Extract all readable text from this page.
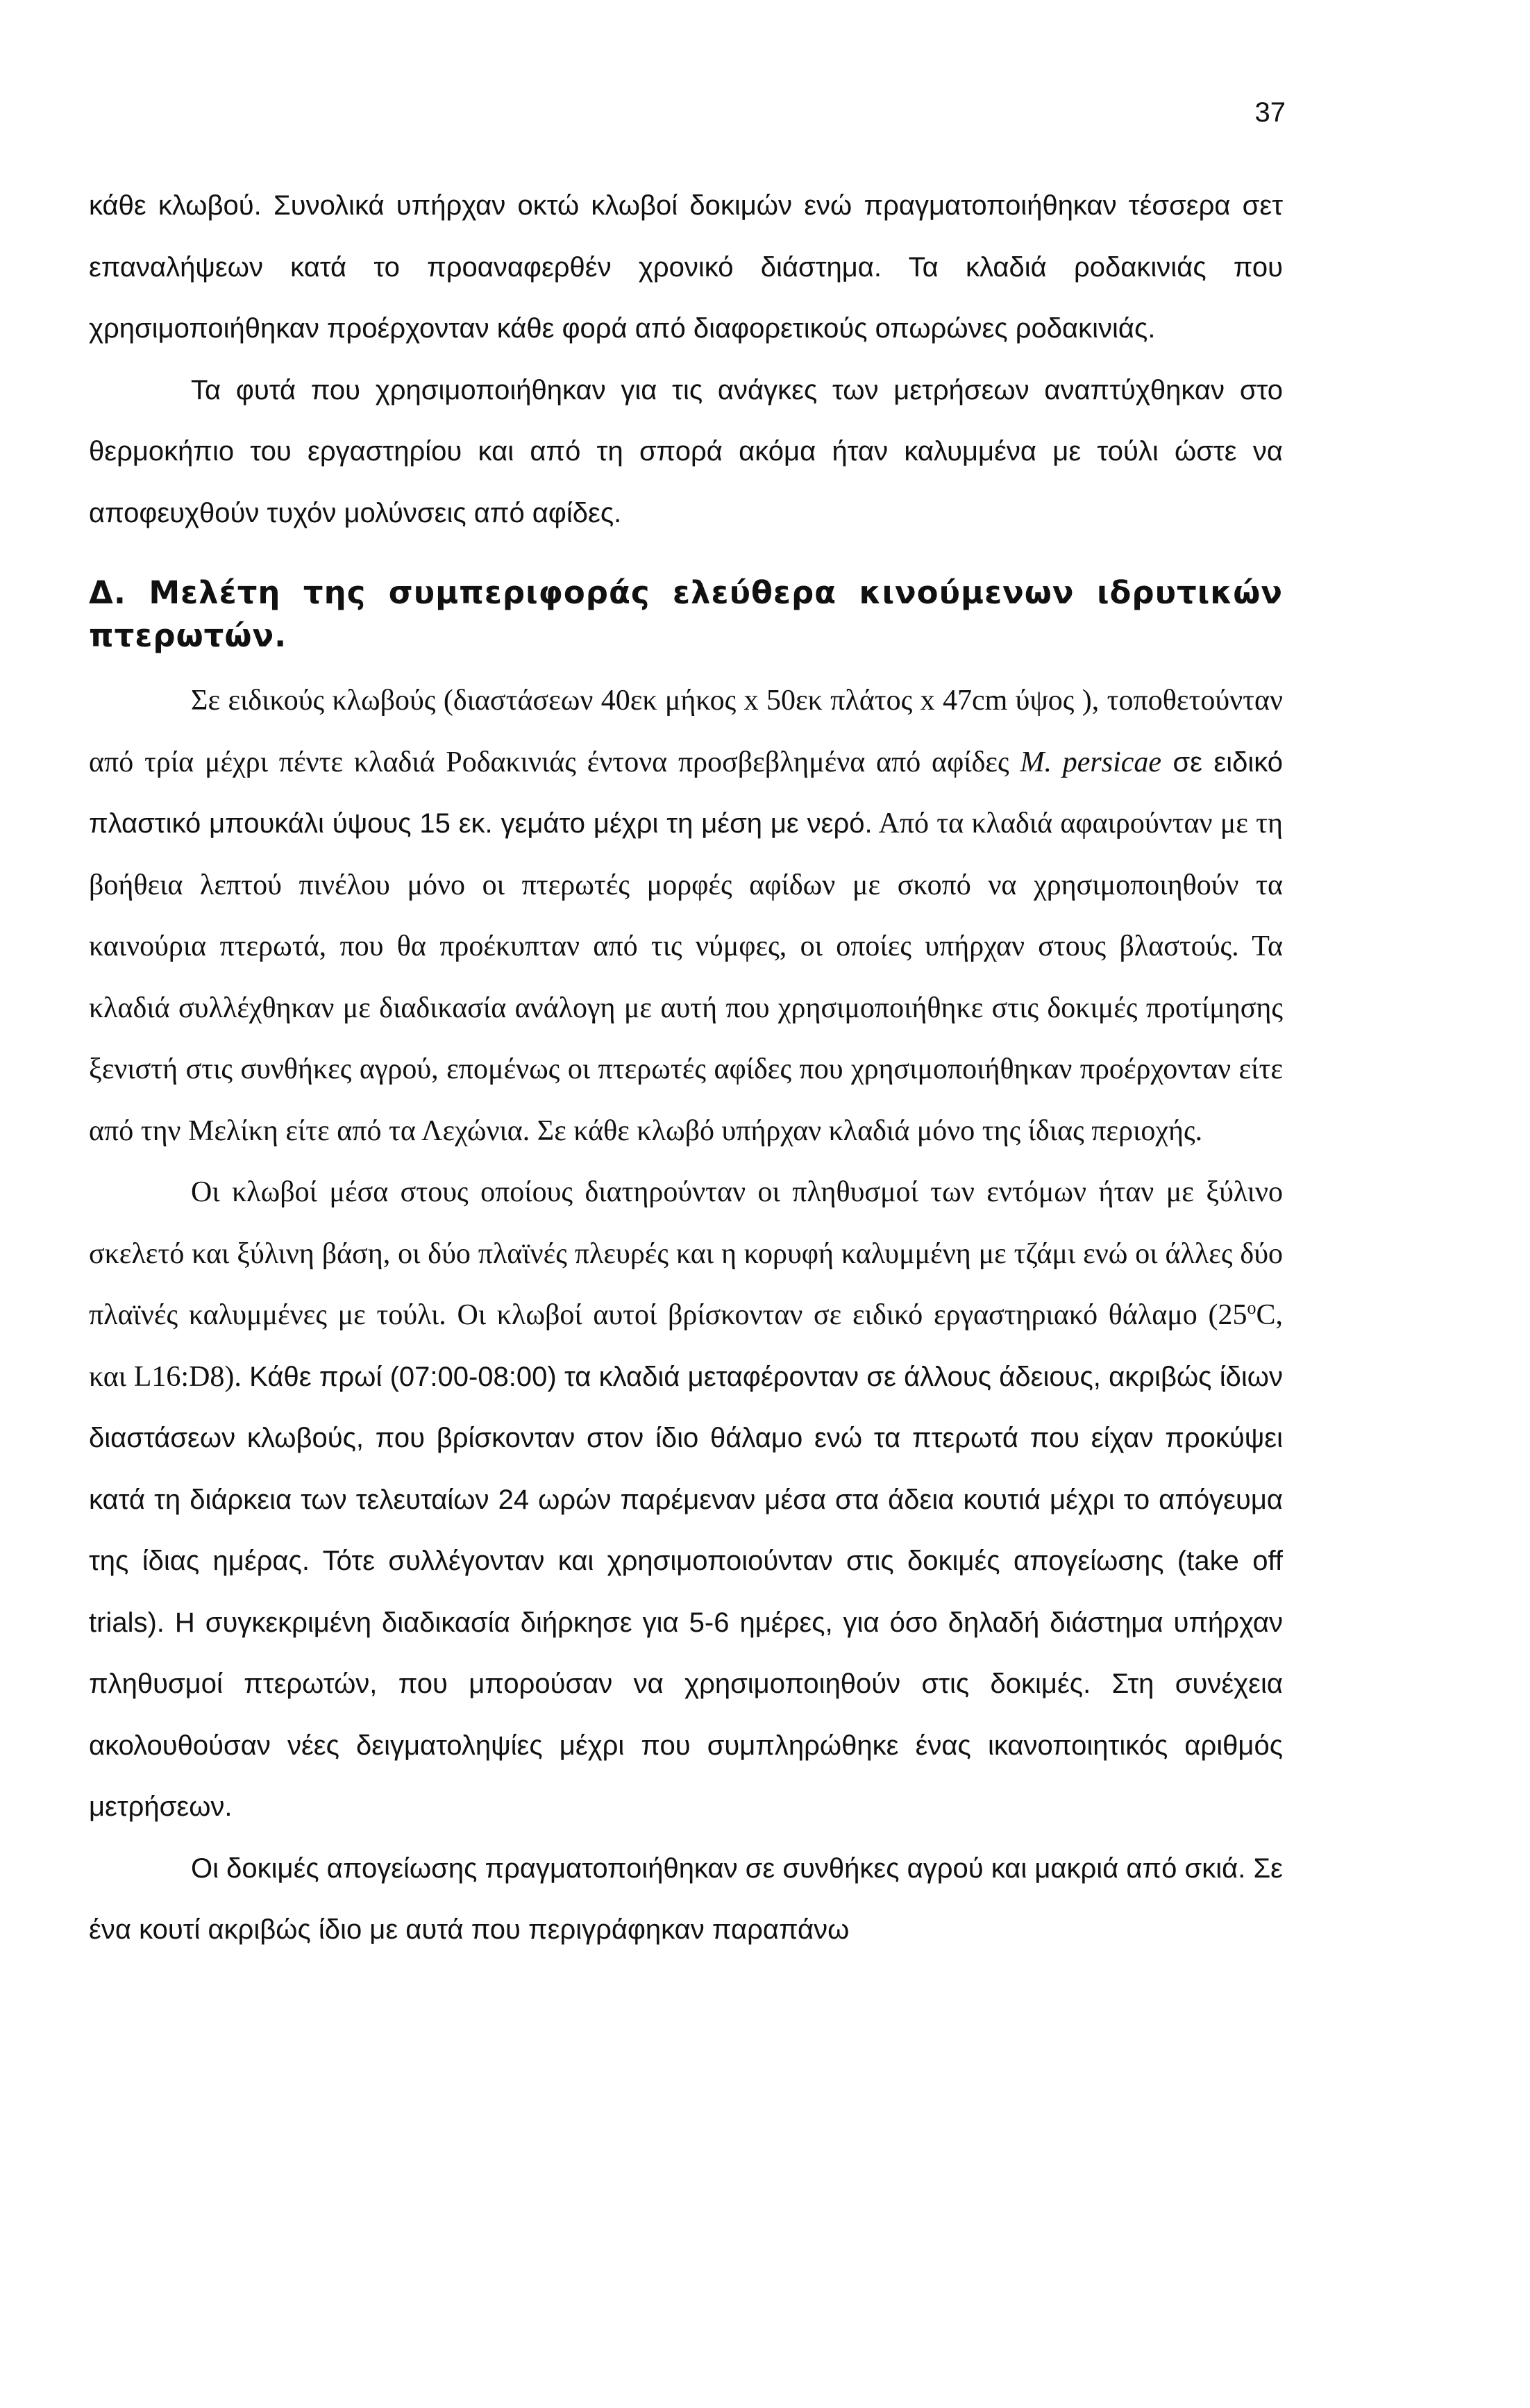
37

κάθε κλωβού. Συνολικά υπήρχαν οκτώ κλωβοί δοκιμών ενώ πραγματοποιήθηκαν τέσσερα σετ επαναλήψεων κατά το προαναφερθέν χρονικό διάστημα. Τα κλαδιά ροδακινιάς που χρησιμοποιήθηκαν προέρχονταν κάθε φορά από διαφορετικούς οπωρώνες ροδακινιάς.

Τα φυτά που χρησιμοποιήθηκαν για τις ανάγκες των μετρήσεων αναπτύχθηκαν στο θερμοκήπιο του εργαστηρίου και από τη σπορά ακόμα ήταν καλυμμένα με τούλι ώστε να αποφευχθούν τυχόν μολύνσεις από αφίδες.

Δ. Μελέτη της συμπεριφοράς ελεύθερα κινούμενων ιδρυτικών πτερωτών.

Σε ειδικούς κλωβούς (διαστάσεων 40εκ μήκος x 50εκ πλάτος x 47cm ύψος ), τοποθετούνταν από τρία μέχρι πέντε κλαδιά Ροδακινιάς έντονα προσβεβλημένα από αφίδες M. persicae σε ειδικό πλαστικό μπουκάλι ύψους 15 εκ. γεμάτο μέχρι τη μέση με νερό. Από τα κλαδιά αφαιρούνταν με τη βοήθεια λεπτού πινέλου μόνο οι πτερωτές μορφές αφίδων με σκοπό να χρησιμοποιηθούν τα καινούρια πτερωτά, που θα προέκυπταν από τις νύμφες, οι οποίες υπήρχαν στους βλαστούς. Τα κλαδιά συλλέχθηκαν με διαδικασία ανάλογη με αυτή που χρησιμοποιήθηκε στις δοκιμές προτίμησης ξενιστή στις συνθήκες αγρού, επομένως οι πτερωτές αφίδες που χρησιμοποιήθηκαν προέρχονταν είτε από την Μελίκη είτε από τα Λεχώνια. Σε κάθε κλωβό υπήρχαν κλαδιά μόνο της ίδιας περιοχής.

Οι κλωβοί μέσα στους οποίους διατηρούνταν οι πληθυσμοί των εντόμων ήταν με ξύλινο σκελετό και ξύλινη βάση, οι δύο πλαϊνές πλευρές και η κορυφή καλυμμένη με τζάμι ενώ οι άλλες δύο πλαϊνές καλυμμένες με τούλι. Οι κλωβοί αυτοί βρίσκονταν σε ειδικό εργαστηριακό θάλαμο (25$^o$C, και L16:D8). Κάθε πρωί (07:00-08:00) τα κλαδιά μεταφέρονταν σε άλλους άδειους, ακριβώς ίδιων διαστάσεων κλωβούς, που βρίσκονταν στον ίδιο θάλαμο ενώ τα πτερωτά που είχαν προκύψει κατά τη διάρκεια των τελευταίων 24 ωρών παρέμεναν μέσα στα άδεια κουτιά μέχρι το απόγευμα της ίδιας ημέρας. Τότε συλλέγονταν και χρησιμοποιούνταν στις δοκιμές απογείωσης (take off trials). Η συγκεκριμένη διαδικασία διήρκησε για 5-6 ημέρες, για όσο δηλαδή διάστημα υπήρχαν πληθυσμοί πτερωτών, που μπορούσαν να χρησιμοποιηθούν στις δοκιμές. Στη συνέχεια ακολουθούσαν νέες δειγματοληψίες μέχρι που συμπληρώθηκε ένας ικανοποιητικός αριθμός μετρήσεων.

Οι δοκιμές απογείωσης πραγματοποιήθηκαν σε συνθήκες αγρού και μακριά από σκιά. Σε ένα κουτί ακριβώς ίδιο με αυτά που περιγράφηκαν παραπάνω
